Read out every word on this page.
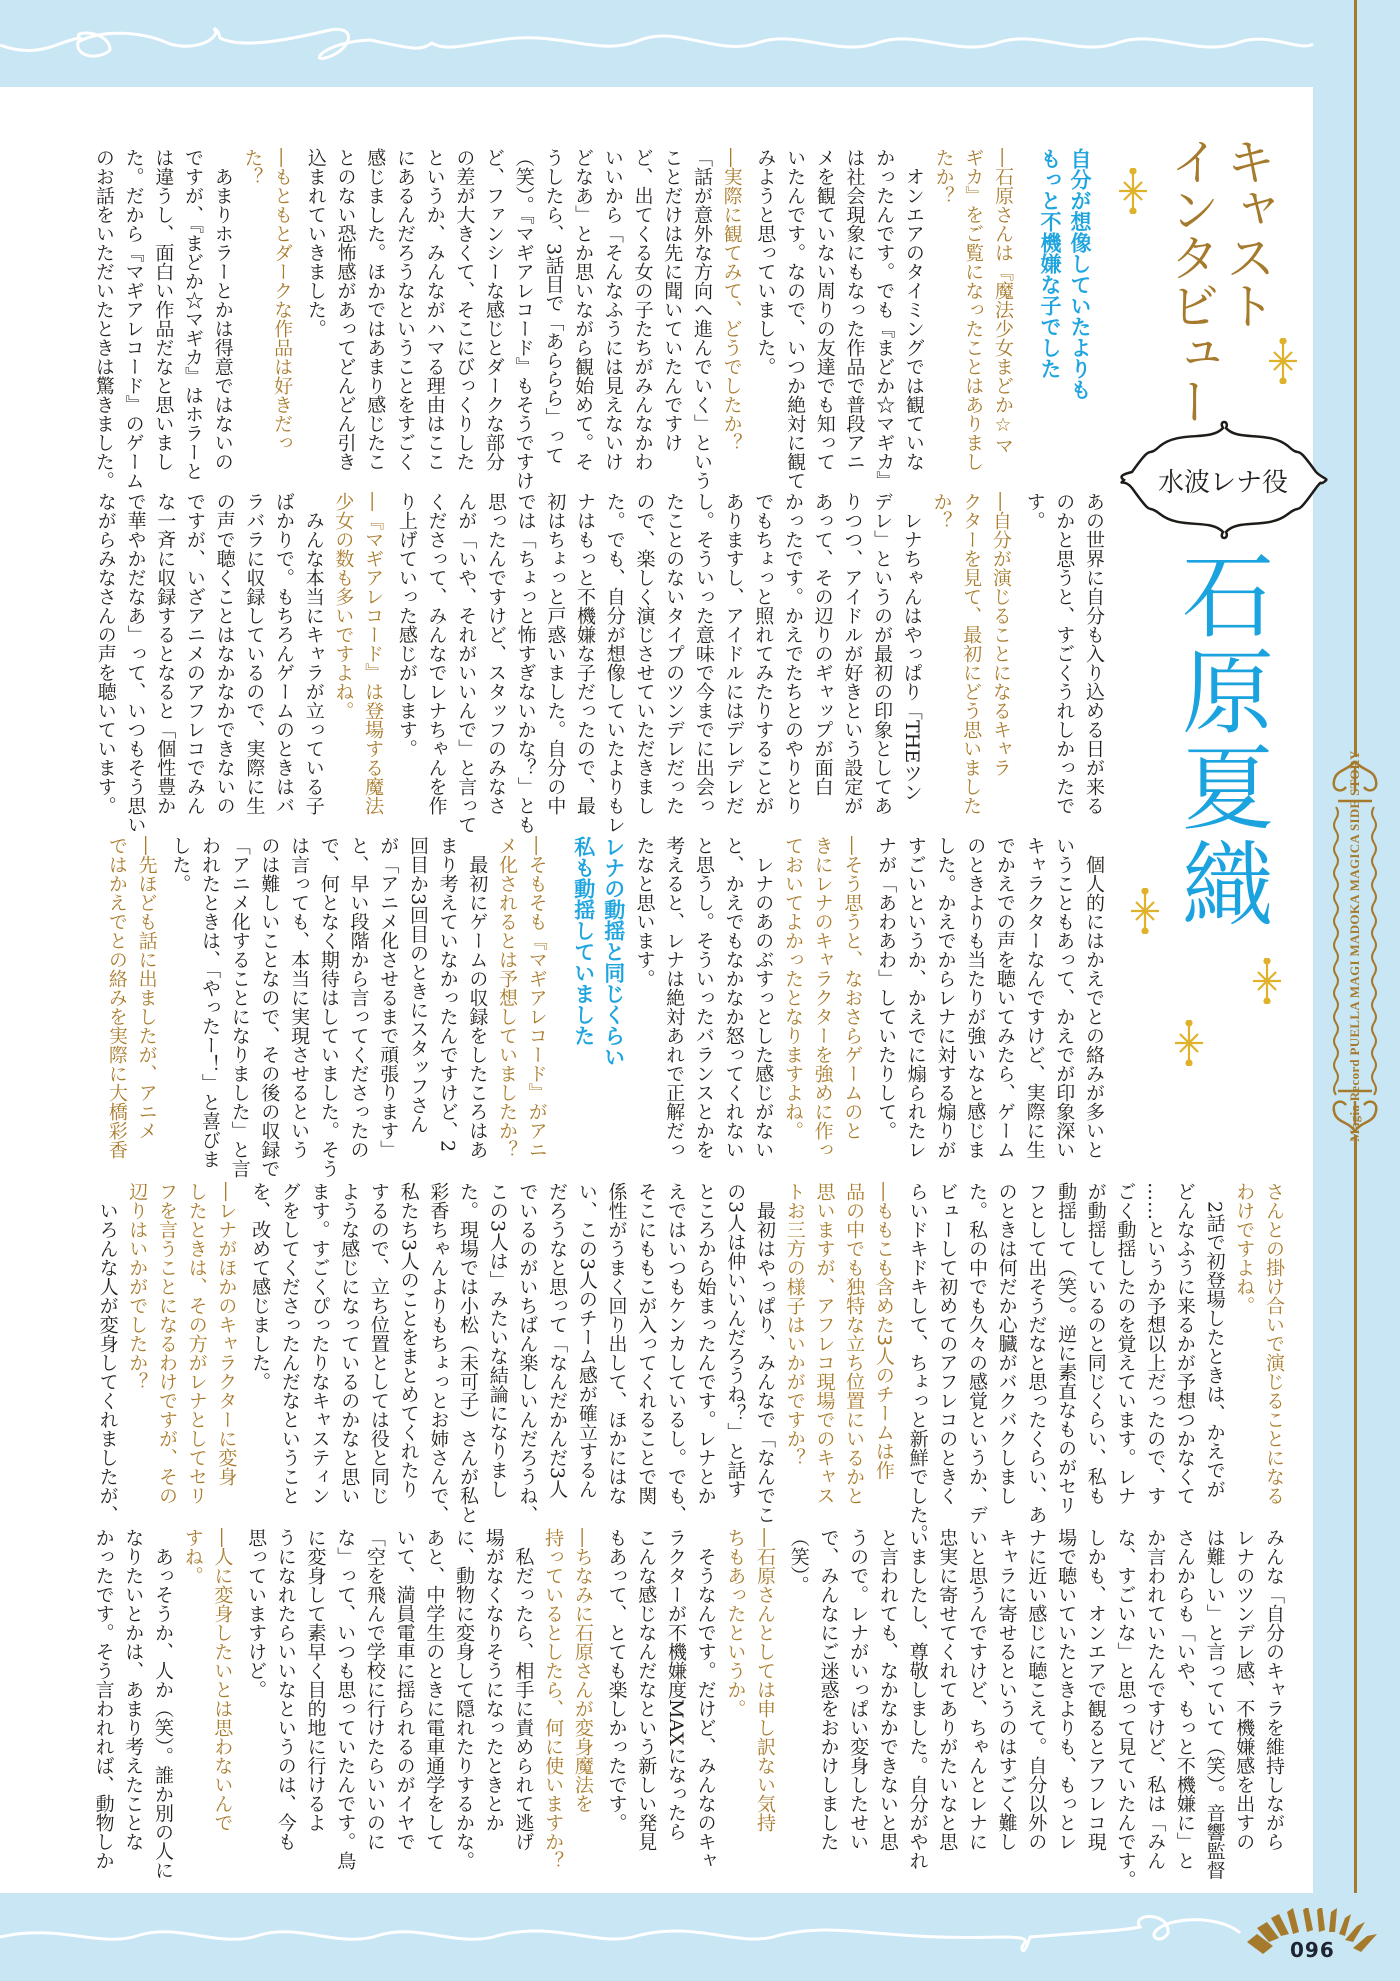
Magia Record PUELLA MAGI MADOKA MAGICA SIDE STORY
キャスト
インタビュー
水波レナ役
石原夏織
自分が想像していたよりも
もっと不機嫌な子でした
―石原さんは『魔法少女まどか☆マ
ギカ』をご覧になったことはありまし
たか？
　オンエアのタイミングでは観ていな
かったんです。でも『まどか☆マギカ』
は社会現象にもなった作品で普段アニ
メを観ていない周りの友達でも知って
いたんです。なので、いつか絶対に観て
みようと思っていました。
―実際に観てみて、どうでしたか？
「話が意外な方向へ進んでいく」という
ことだけは先に聞いていたんですけ
ど、出てくる女の子たちがみんなかわ
いいから「そんなふうには見えないけ
どなあ」とか思いながら観始めて。そ
うしたら、3話目で「あららら」って
（笑）。『マギアレコード』もそうですけ
ど、ファンシーな感じとダークな部分
の差が大きくて、そこにびっくりした
というか、みんながハマる理由はここ
にあるんだろうなということをすごく
感じました。ほかではあまり感じたこ
とのない恐怖感があってどんどん引き
込まれていきました。
―もともとダークな作品は好きだっ
た？
　あまりホラーとかは得意ではないの
ですが、『まどか☆マギカ』はホラーと
は違うし、面白い作品だなと思いまし
た。だから『マギアレコード』のゲーム
のお話をいただいたときは驚きました。
あの世界に自分も入り込める日が来る
のかと思うと、すごくうれしかったで
す。
―自分が演じることになるキャラ
クターを見て、最初にどう思いました
か？
　レナちゃんはやっぱり「THEツン
デレ」というのが最初の印象としてあ
りつつ、アイドルが好きという設定が
あって、その辺りのギャップが面白
かったです。かえでたちとのやりとり
でもちょっと照れてみたりすることが
ありますし、アイドルにはデレデレだ
し。そういった意味で今までに出会っ
たことのないタイプのツンデレだった
ので、楽しく演じさせていただきまし
た。でも、自分が想像していたよりもレ
ナはもっと不機嫌な子だったので、最
初はちょっと戸惑いました。自分の中
では「ちょっと怖すぎないかな？」とも
思ったんですけど、スタッフのみなさ
んが「いや、それがいいんで」と言って
くださって、みんなでレナちゃんを作
り上げていった感じがします。
―『マギアレコード』は登場する魔法
少女の数も多いですよね。
　みんな本当にキャラが立っている子
ばかりで。もちろんゲームのときはバ
ラバラに収録しているので、実際に生
の声で聴くことはなかなかできないの
ですが、いざアニメのアフレコでみん
な一斉に収録するとなると「個性豊か
で華やかだなあ」って、いつもそう思い
ながらみなさんの声を聴いています。
　個人的にはかえでとの絡みが多いと
いうこともあって、かえでが印象深い
キャラクターなんですけど、実際に生
でかえでの声を聴いてみたら、ゲーム
のときよりも当たりが強いなと感じま
した。かえでからレナに対する煽りが
すごいというか、かえでに煽られたレ
ナが「あわあわ」していたりして。
―そう思うと、なおさらゲームのと
きにレナのキャラクターを強めに作っ
ておいてよかったとなりますよね。
　レナのあのぶすっとした感じがない
と、かえでもなかなか怒ってくれない
と思うし。そういったバランスとかを
考えると、レナは絶対あれで正解だっ
たなと思います。
レナの動揺と同じくらい
私も動揺していました
―そもそも『マギアレコード』がアニ
メ化されるとは予想していましたか？
　最初にゲームの収録をしたころはあ
まり考えていなかったんですけど、2
回目か3回目のときにスタッフさん
が「アニメ化させるまで頑張ります」
と、早い段階から言ってくださったの
で、何となく期待はしていました。そう
は言っても、本当に実現させるという
のは難しいことなので、その後の収録で
「アニメ化することになりました」と言
われたときは、「やったー！」と喜びま
した。
―先ほども話に出ましたが、アニメ
ではかえでとの絡みを実際に大橋彩香
さんとの掛け合いで演じることになる
わけですよね。
　2話で初登場したときは、かえでが
どんなふうに来るかが予想つかなくて
……というか予想以上だったので、す
ごく動揺したのを覚えています。レナ
が動揺しているのと同じくらい、私も
動揺して（笑）。逆に素直なものがセリ
フとして出そうだなと思ったくらい、あ
のときは何だか心臓がバクバクしまし
た。私の中でも久々の感覚というか、デ
ビューして初めてのアフレコのときく
らいドキドキして、ちょっと新鮮でした。
―ももこも含めた3人のチームは作
品の中でも独特な立ち位置にいるかと
思いますが、アフレコ現場でのキャス
トお三方の様子はいかがですか？
　最初はやっぱり、みんなで「なんでこ
の3人は仲いいんだろうね？」と話す
ところから始まったんです。レナとか
えではいつもケンカしているし。でも、
そこにももこが入ってくれることで関
係性がうまく回り出して、ほかにはな
い、この3人のチーム感が確立するん
だろうなと思って「なんだかんだ3人
でいるのがいちばん楽しいんだろうね、
この3人は」みたいな結論になりまし
た。現場では小松（未可子）さんが私と
彩香ちゃんよりもちょっとお姉さんで、
私たち3人のことをまとめてくれたり
するので、立ち位置としては役と同じ
ような感じになっているのかなと思い
ます。すごくぴったりなキャスティン
グをしてくださったんだなということ
を、改めて感じました。
―レナがほかのキャラクターに変身
したときは、その方がレナとしてセリ
フを言うことになるわけですが、その
辺りはいかがでしたか？
　いろんな人が変身してくれましたが、
みんな「自分のキャラを維持しながら
レナのツンデレ感、不機嫌感を出すの
は難しい」と言っていて（笑）。音響監督
さんからも「いや、もっと不機嫌に」と
か言われていたんですけど、私は「みん
な、すごいな」と思って見ていたんです。
しかも、オンエアで観るとアフレコ現
場で聴いていたときよりも、もっとレ
ナに近い感じに聴こえて。自分以外の
キャラに寄せるというのはすごく難し
いと思うんですけど、ちゃんとレナに
忠実に寄せてくれてありがたいなと思
いましたし、尊敬しました。自分がやれ
と言われても、なかなかできないと思
うので。レナがいっぱい変身したせい
で、みんなにご迷惑をおかけしました
（笑）。
―石原さんとしては申し訳ない気持
ちもあったというか。
　そうなんです。だけど、みんなのキャ
ラクターが不機嫌度MAXになったら
こんな感じなんだなという新しい発見
もあって、とても楽しかったです。
―ちなみに石原さんが変身魔法を
持っているとしたら、何に使いますか？
　私だったら、相手に責められて逃げ
場がなくなりそうになったときとか
に、動物に変身して隠れたりするかな。
あと、中学生のときに電車通学をして
いて、満員電車に揺られるのがイヤで
「空を飛んで学校に行けたらいいのに
な」って、いつも思っていたんです。鳥
に変身して素早く目的地に行けるよ
うになれたらいいなというのは、今も
思っていますけど。
―人に変身したいとは思わないんで
すね。
　あっそうか、人か（笑）。誰か別の人に
なりたいとかは、あまり考えたことな
かったです。そう言われれば、動物しか
096
